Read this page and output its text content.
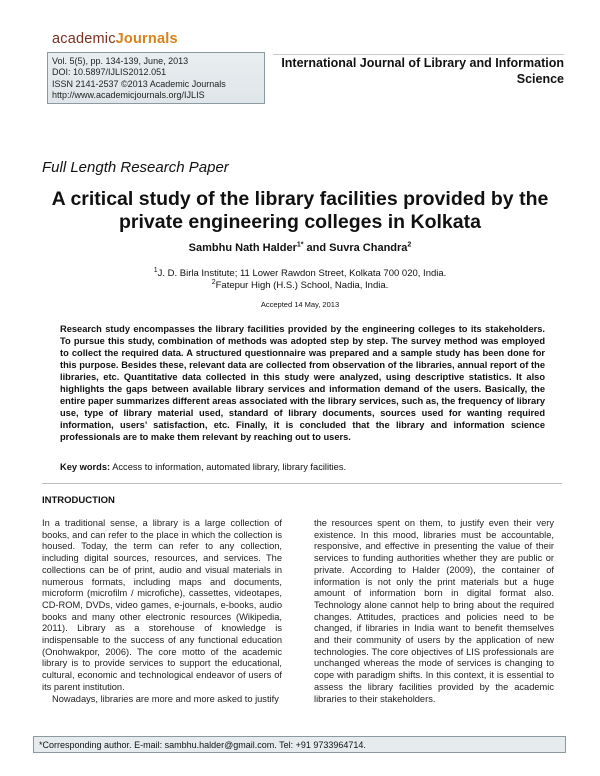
academicJournals
Vol. 5(5), pp. 134-139, June, 2013
DOI: 10.5897/IJLIS2012.051
ISSN 2141-2537 ©2013 Academic Journals
http://www.academicjournals.org/IJLIS
International Journal of Library and Information
Science
Full Length Research Paper
A critical study of the library facilities provided by the private engineering colleges in Kolkata
Sambhu Nath Halder$^{1*}$ and Suvra Chandra$^2$
$^1$J. D. Birla Institute; 11 Lower Rawdon Street, Kolkata 700 020, India.
$^2$Fatepur High (H.S.) School, Nadia, India.
Accepted 14 May, 2013
Research study encompasses the library facilities provided by the engineering colleges to its stakeholders. To pursue this study, combination of methods was adopted step by step. The survey method was employed to collect the required data. A structured questionnaire was prepared and a sample study has been done for this purpose. Besides these, relevant data are collected from observation of the libraries, annual report of the libraries, etc. Quantitative data collected in this study were analyzed, using descriptive statistics. It also highlights the gaps between available library services and information demand of the users. Basically, the entire paper summarizes different areas associated with the library services, such as, the frequency of library use, type of library material used, standard of library documents, sources used for wanting required information, users’ satisfaction, etc. Finally, it is concluded that the library and information science professionals are to make them relevant by reaching out to users.
Key words: Access to information, automated library, library facilities.
INTRODUCTION

In a traditional sense, a library is a large collection of books, and can refer to the place in which the collection is housed. Today, the term can refer to any collection, including digital sources, resources, and services. The collections can be of print, audio and visual materials in numerous formats, including maps and documents, microform (microfilm / microfiche), cassettes, videotapes, CD-ROM, DVDs, video games, e-journals, e-books, audio books and many other electronic resources (Wikipedia, 2011). Library as a storehouse of knowledge is indispensable to the success of any functional education (Onohwakpor, 2006). The core motto of the academic library is to provide services to support the educational, cultural, economic and technological endeavor of users of its parent institution.

Nowadays, libraries are more and more asked to justify

the resources spent on them, to justify even their very existence. In this mood, libraries must be accountable, responsive, and effective in presenting the value of their services to funding authorities whether they are public or private. According to Halder (2009), the container of information is not only the print materials but a huge amount of information born in digital format also. Technology alone cannot help to bring about the required changes. Attitudes, practices and policies need to be changed, if libraries in India want to benefit themselves and their community of users by the application of new technologies. The core objectives of LIS professionals are unchanged whereas the mode of services is changing to cope with paradigm shifts. In this context, it is essential to assess the library facilities provided by the academic libraries to their stakeholders.

*Corresponding author. E-mail: sambhu.halder@gmail.com. Tel: +91 9733964714.
